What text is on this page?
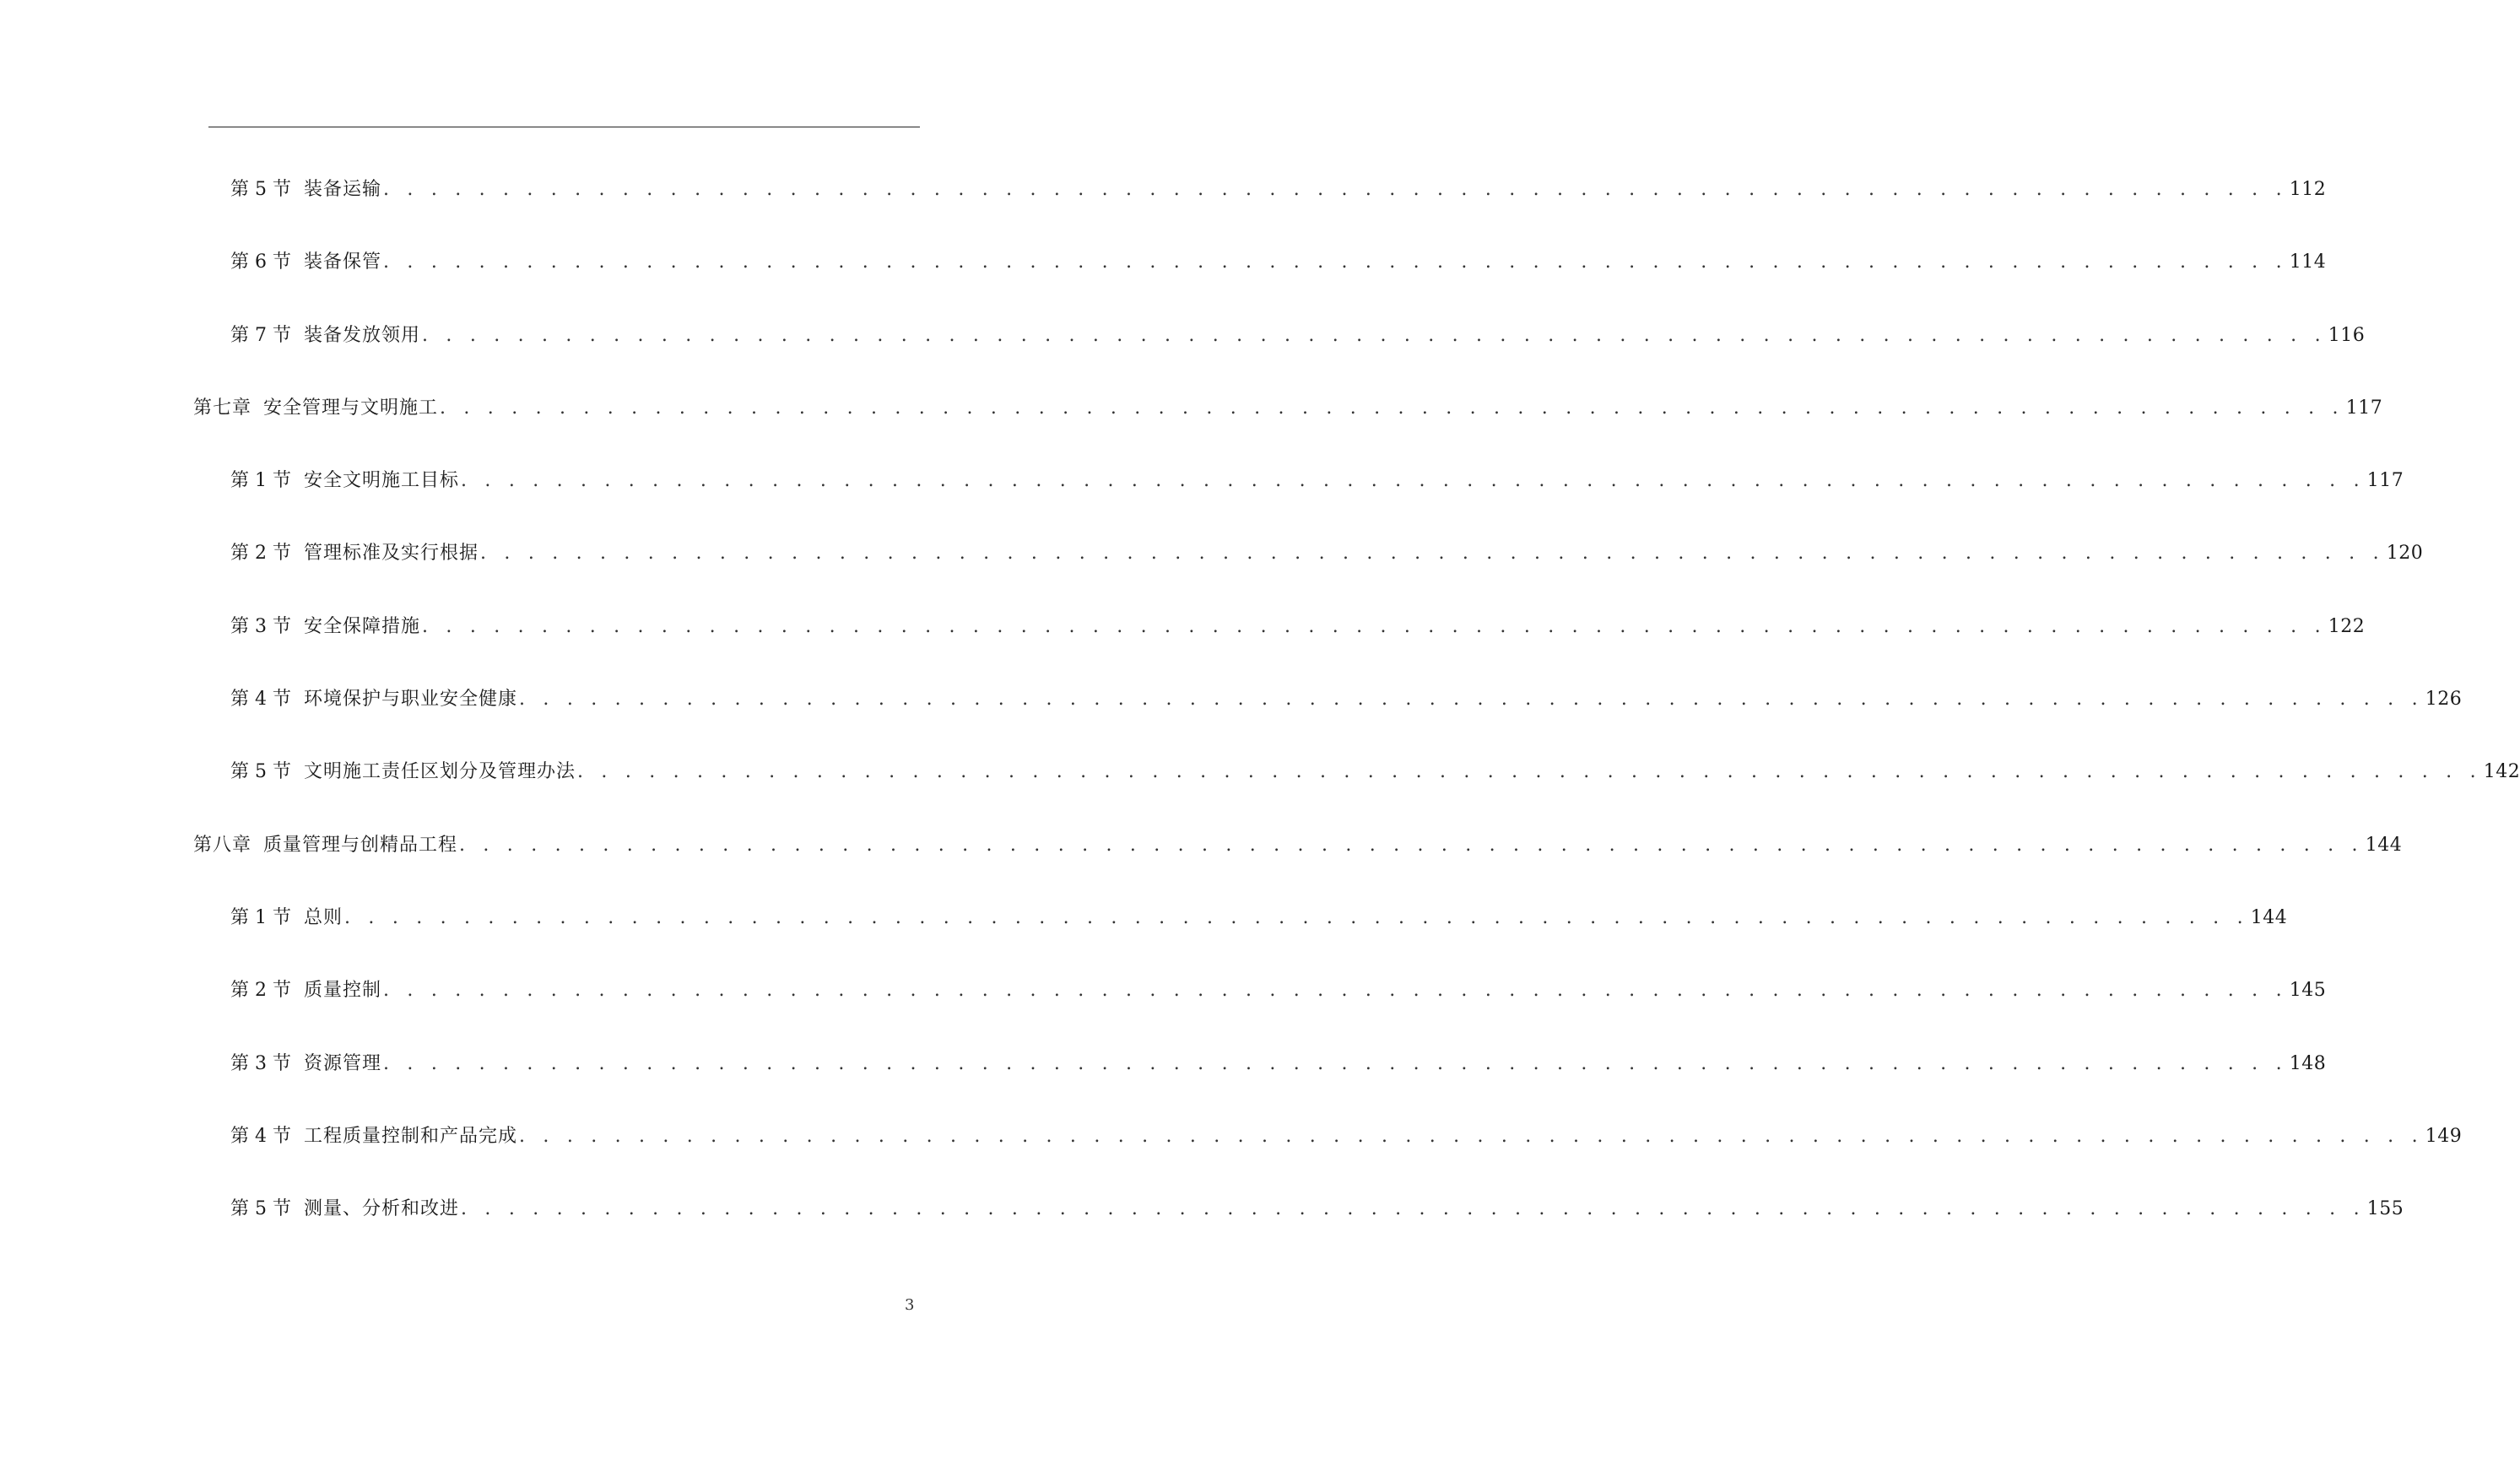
第 5 节 装备运输 . . . . . . . . . . . . . . . . . . . . . . . . . . . . . . . . . . . . . . . . . . . . . . . . . . . . . . . . . . . . . . . . . . . . . . . . . . . . . . . . 112
第 6 节 装备保管 . . . . . . . . . . . . . . . . . . . . . . . . . . . . . . . . . . . . . . . . . . . . . . . . . . . . . . . . . . . . . . . . . . . . . . . . . . . . . . . . 114
第 7 节 装备发放领用 . . . . . . . . . . . . . . . . . . . . . . . . . . . . . . . . . . . . . . . . . . . . . . . . . . . . . . . . . . . . . . . . . . . . . . . . . . . . . . . . 116
第七章 安全管理与文明施工 . . . . . . . . . . . . . . . . . . . . . . . . . . . . . . . . . . . . . . . . . . . . . . . . . . . . . . . . . . . . . . . . . . . . . . . . . . . . . . . . 117
第 1 节 安全文明施工目标 . . . . . . . . . . . . . . . . . . . . . . . . . . . . . . . . . . . . . . . . . . . . . . . . . . . . . . . . . . . . . . . . . . . . . . . . . . . . . . . . 117
第 2 节 管理标准及实行根据 . . . . . . . . . . . . . . . . . . . . . . . . . . . . . . . . . . . . . . . . . . . . . . . . . . . . . . . . . . . . . . . . . . . . . . . . . . . . . . . . 120
第 3 节 安全保障措施 . . . . . . . . . . . . . . . . . . . . . . . . . . . . . . . . . . . . . . . . . . . . . . . . . . . . . . . . . . . . . . . . . . . . . . . . . . . . . . . . 122
第 4 节 环境保护与职业安全健康 . . . . . . . . . . . . . . . . . . . . . . . . . . . . . . . . . . . . . . . . . . . . . . . . . . . . . . . . . . . . . . . . . . . . . . . . . . . . . . . . 126
第 5 节 文明施工责任区划分及管理办法 . . . . . . . . . . . . . . . . . . . . . . . . . . . . . . . . . . . . . . . . . . . . . . . . . . . . . . . . . . . . . . . . . . . . . . . . . . . . . . . . 142
第八章 质量管理与创精品工程 . . . . . . . . . . . . . . . . . . . . . . . . . . . . . . . . . . . . . . . . . . . . . . . . . . . . . . . . . . . . . . . . . . . . . . . . . . . . . . . . 144
第 1 节 总则 . . . . . . . . . . . . . . . . . . . . . . . . . . . . . . . . . . . . . . . . . . . . . . . . . . . . . . . . . . . . . . . . . . . . . . . . . . . . . . . . 144
第 2 节 质量控制 . . . . . . . . . . . . . . . . . . . . . . . . . . . . . . . . . . . . . . . . . . . . . . . . . . . . . . . . . . . . . . . . . . . . . . . . . . . . . . . . 145
第 3 节 资源管理 . . . . . . . . . . . . . . . . . . . . . . . . . . . . . . . . . . . . . . . . . . . . . . . . . . . . . . . . . . . . . . . . . . . . . . . . . . . . . . . . 148
第 4 节 工程质量控制和产品完成 . . . . . . . . . . . . . . . . . . . . . . . . . . . . . . . . . . . . . . . . . . . . . . . . . . . . . . . . . . . . . . . . . . . . . . . . . . . . . . . . 149
第 5 节 测量、分析和改进 . . . . . . . . . . . . . . . . . . . . . . . . . . . . . . . . . . . . . . . . . . . . . . . . . . . . . . . . . . . . . . . . . . . . . . . . . . . . . . . . 155
3
